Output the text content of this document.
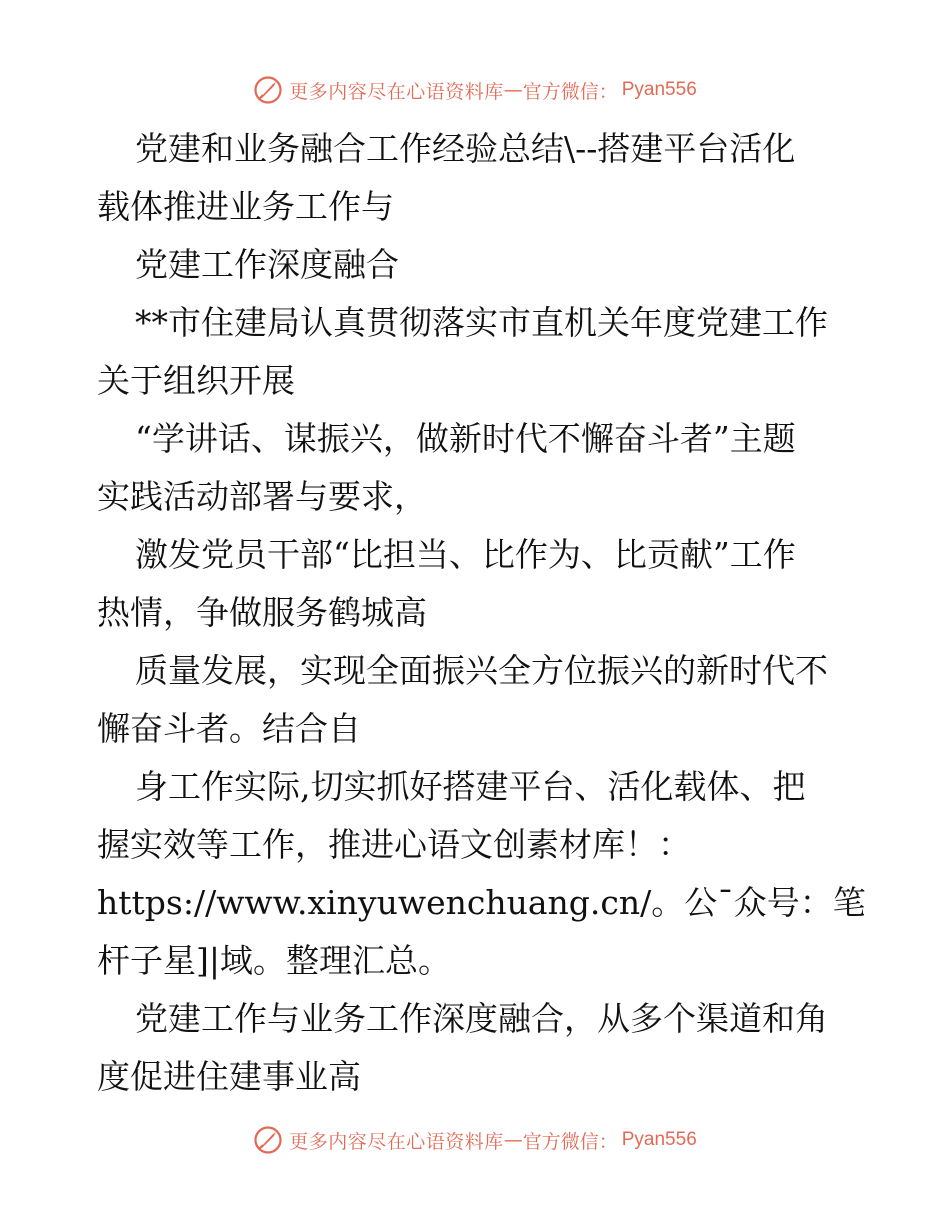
更多内容尽在心语资料库 — 官方微信： Pyan556

党建和业务融合工作经验总结\--搭建平台活化

载体推进业务工作与

党建工作深度融合

**市住建局认真贯彻落实市直机关年度党建工作

关于组织开展

“学讲话、谋振兴，做新时代不懈奋斗者”主题

实践活动部署与要求，

激发党员干部“比担当、比作为、比贡献”工作

热情，争做服务鹤城高

质量发展，实现全面振兴全方位振兴的新时代不

懈奋斗者。结合自

身工作实际,切实抓好搭建平台、活化载体、把

握实效等工作，推进心语文创素材库！：

https://www.xinyuwenchuang.cn/。公¯众号：笔

杆子星]|域。整理汇总。

党建工作与业务工作深度融合，从多个渠道和角

度促进住建事业高

更多内容尽在心语资料库 — 官方微信： Pyan556
